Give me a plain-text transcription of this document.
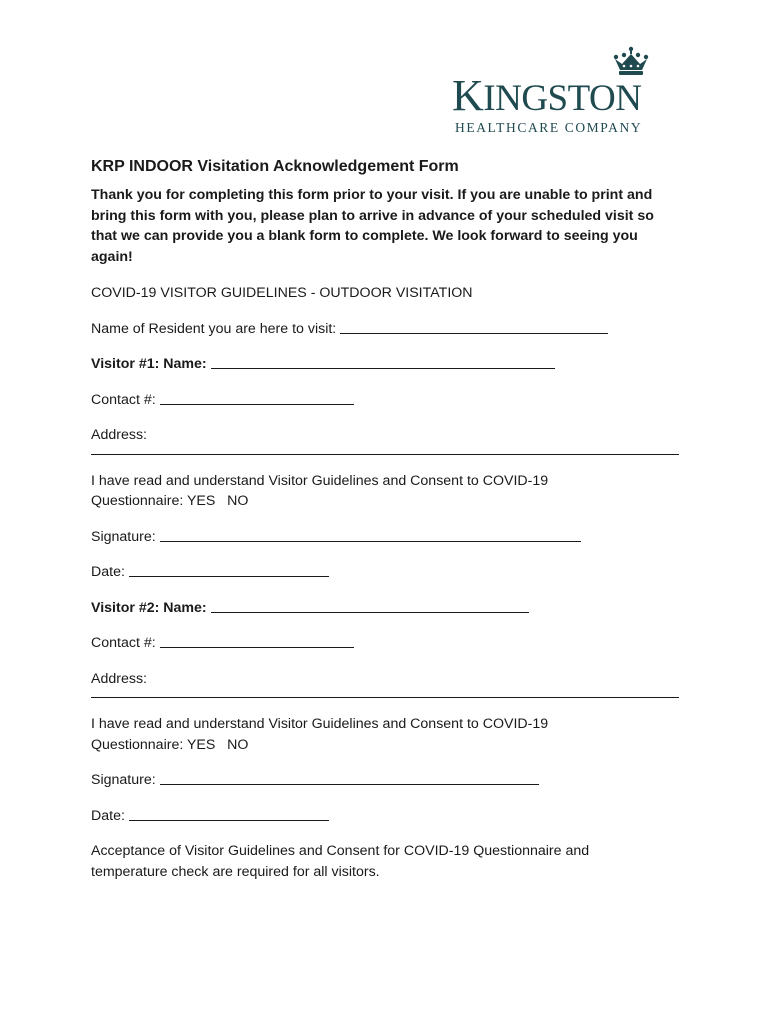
KINGSTON
HEALTHCARE COMPANY
KRP INDOOR Visitation Acknowledgement Form

Thank you for completing this form prior to your visit. If you are unable to print and bring this form with you, please plan to arrive in advance of your scheduled visit so that we can provide you a blank form to complete. We look forward to seeing you again!

COVID-19 VISITOR GUIDELINES - OUTDOOR VISITATION
Name of Resident you are here to visit:
Visitor #1: Name:
Contact #:
Address:
I have read and understand Visitor Guidelines and Consent to COVID-19
Questionnaire: YES   NO
Signature:
Date:
Visitor #2: Name:
Contact #:
Address:
I have read and understand Visitor Guidelines and Consent to COVID-19
Questionnaire: YES   NO
Signature:
Date:

Acceptance of Visitor Guidelines and Consent for COVID-19 Questionnaire and temperature check are required for all visitors.
